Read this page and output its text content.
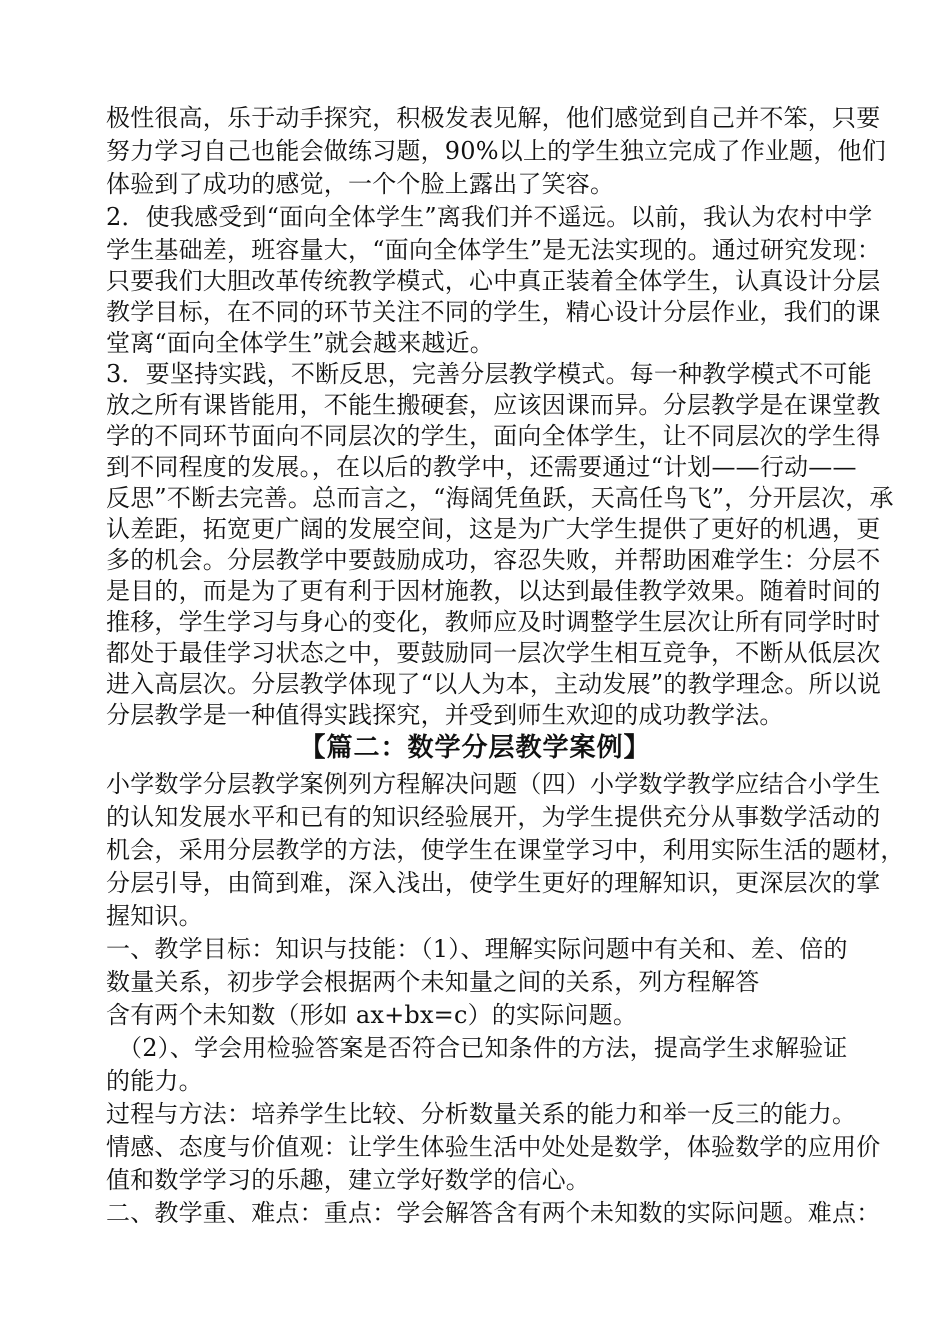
极性很高，乐于动手探究，积极发表见解，他们感觉到自己并不笨，只要
努力学习自己也能会做练习题，90%以上的学生独立完成了作业题，他们
体验到了成功的感觉，一个个脸上露出了笑容。
2．使我感受到“面向全体学生”离我们并不遥远。以前，我认为农村中学
学生基础差，班容量大，“面向全体学生”是无法实现的。通过研究发现：
只要我们大胆改革传统教学模式，心中真正装着全体学生，认真设计分层
教学目标，在不同的环节关注不同的学生，精心设计分层作业，我们的课
堂离“面向全体学生”就会越来越近。
3．要坚持实践，不断反思，完善分层教学模式。每一种教学模式不可能
放之所有课皆能用，不能生搬硬套，应该因课而异。分层教学是在课堂教
学的不同环节面向不同层次的学生，面向全体学生，让不同层次的学生得
到不同程度的发展。，在以后的教学中，还需要通过“计划——行动——
反思”不断去完善。总而言之，“海阔凭鱼跃，天高任鸟飞”，分开层次，承
认差距，拓宽更广阔的发展空间，这是为广大学生提供了更好的机遇，更
多的机会。分层教学中要鼓励成功，容忍失败，并帮助困难学生：分层不
是目的，而是为了更有利于因材施教，以达到最佳教学效果。随着时间的
推移，学生学习与身心的变化，教师应及时调整学生层次让所有同学时时
都处于最佳学习状态之中，要鼓励同一层次学生相互竞争，不断从低层次
进入高层次。分层教学体现了“以人为本，主动发展”的教学理念。所以说
分层教学是一种值得实践探究，并受到师生欢迎的成功教学法。
【篇二：数学分层教学案例】
小学数学分层教学案例列方程解决问题（四）小学数学教学应结合小学生
的认知发展水平和已有的知识经验展开，为学生提供充分从事数学活动的
机会，采用分层教学的方法，使学生在课堂学习中，利用实际生活的题材，
分层引导，由简到难，深入浅出，使学生更好的理解知识，更深层次的掌
握知识。
一、教学目标：知识与技能：（1）、理解实际问题中有关和、差、倍的
数量关系，初步学会根据两个未知量之间的关系，列方程解答
含有两个未知数（形如 ax+bx=c）的实际问题。
（2）、学会用检验答案是否符合已知条件的方法，提高学生求解验证
的能力。
过程与方法：培养学生比较、分析数量关系的能力和举一反三的能力。
情感、态度与价值观：让学生体验生活中处处是数学，体验数学的应用价
值和数学学习的乐趣，建立学好数学的信心。
二、教学重、难点：重点：学会解答含有两个未知数的实际问题。难点：
